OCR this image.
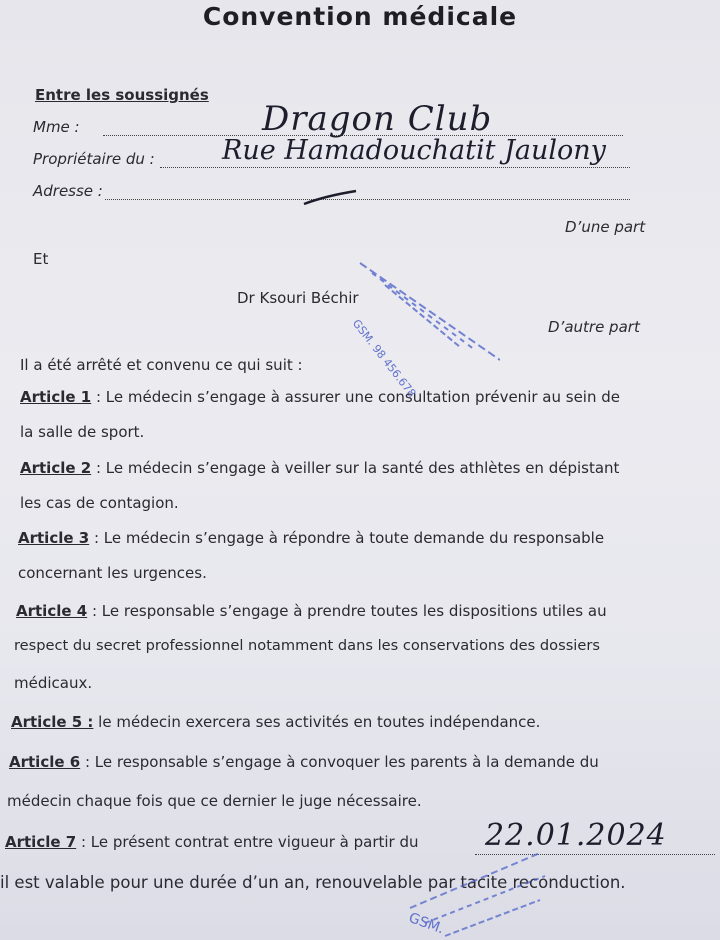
Convention médicale
Entre les soussignés
Mme :	Dragon Club
Propriétaire du : Rue Hamadouchatit Jaulony
Adresse :
D’une part
Et
Dr Ksouri Béchir
D’autre part
GSM. 98 456.678
Il a été arrêté et convenu ce qui suit :
Article 1 : Le médecin s’engage à assurer une consultation prévenir au sein de
la salle de sport.
Article 2 : Le médecin s’engage à veiller sur la santé des athlètes en dépistant
les cas de contagion.
Article 3 : Le médecin s’engage à répondre à toute demande du responsable
concernant les urgences.
Article 4 : Le responsable s’engage à prendre toutes les dispositions utiles au
respect du secret professionnel notamment dans les conservations des dossiers
médicaux.
Article 5 : le médecin exercera ses activités en toutes indépendance.
Article 6 : Le responsable s’engage à convoquer les parents à la demande du
médecin chaque fois que ce dernier le juge nécessaire.
Article 7 : Le présent contrat entre vigueur à partir du 22.01.2024
il est valable pour une durée d’un an, renouvelable par tacite reconduction.
GSM.
